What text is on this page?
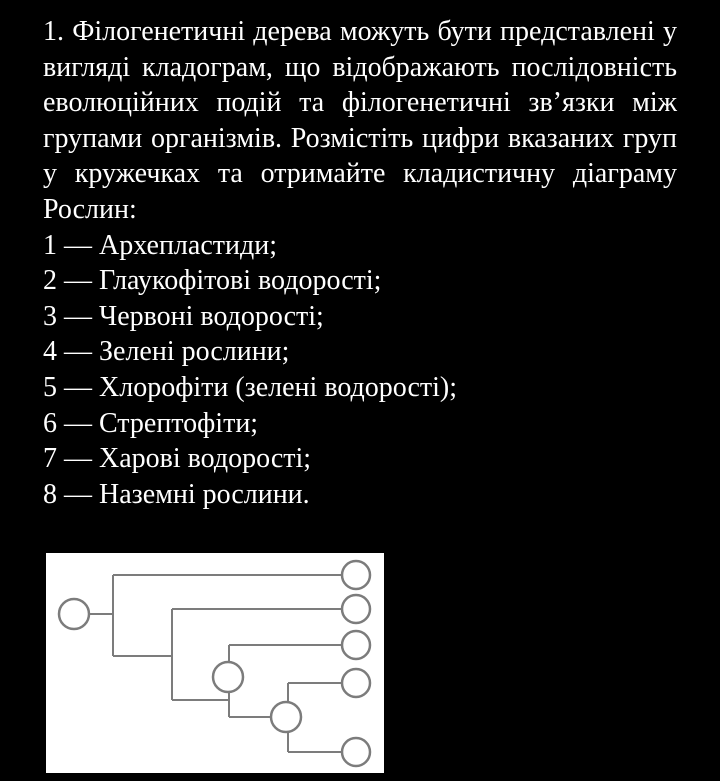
1. Філогенетичні дерева можуть бути представлені у вигляді кладограм, що відображають послідовність еволюційних подій та філогенетичні зв’язки між групами організмів. Розмістіть цифри вказаних груп у кружечках та отримайте кладистичну діаграму Рослин:

1 — Архепластиди;
2 — Глаукофітові водорості;
3 — Червоні водорості;
4 — Зелені рослини;
5 — Хлорофіти (зелені водорості);
6 — Стрептофіти;
7 — Харові водорості;
8 — Наземні рослини.
